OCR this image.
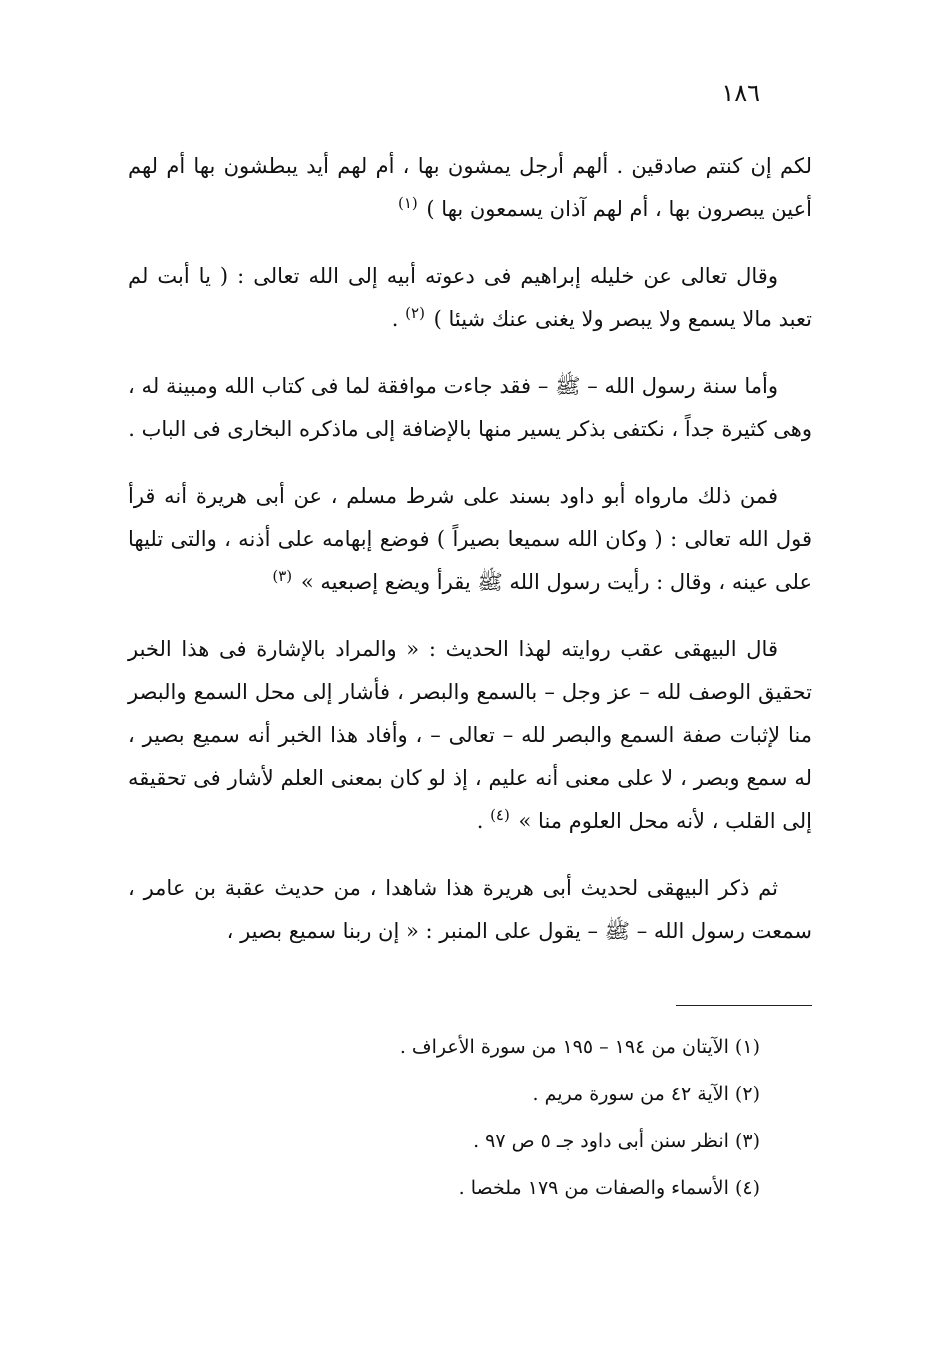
١٨٦

لكم إن كنتم صادقين . ألهم أرجل يمشون بها ، أم لهم أيد يبطشون بها أم لهم أعين يبصرون بها ، أم لهم آذان يسمعون بها ) $^{(١)}$

وقال تعالى عن خليله إبراهيم فى دعوته أبيه إلى الله تعالى : ( يا أبت لم تعبد مالا يسمع ولا يبصر ولا يغنى عنك شيئا ) $^{(٢)}$ .

وأما سنة رسول الله – ﷺ – فقد جاءت موافقة لما فى كتاب الله ومبينة له ، وهى كثيرة جداً ، نكتفى بذكر يسير منها بالإضافة إلى ماذكره البخارى فى الباب .

فمن ذلك مارواه أبو داود بسند على شرط مسلم ، عن أبى هريرة أنه قرأ قول الله تعالى : ( وكان الله سميعا بصيراً ) فوضع إبهامه على أذنه ، والتى تليها على عينه ، وقال : رأيت رسول الله ﷺ يقرأ ويضع إصبعيه » $^{(٣)}$

قال البيهقى عقب روايته لهذا الحديث : « والمراد بالإشارة فى هذا الخبر تحقيق الوصف لله – عز وجل – بالسمع والبصر ، فأشار إلى محل السمع والبصر منا لإثبات صفة السمع والبصر لله – تعالى – ، وأفاد هذا الخبر أنه سميع بصير ، له سمع وبصر ، لا على معنى أنه عليم ، إذ لو كان بمعنى العلم لأشار فى تحقيقه إلى القلب ، لأنه محل العلوم منا » $^{(٤)}$ .

ثم ذكر البيهقى لحديث أبى هريرة هذا شاهدا ، من حديث عقبة بن عامر ، سمعت رسول الله – ﷺ – يقول على المنبر : « إن ربنا سميع بصير ،

(١) الآيتان من ١٩٤ – ١٩٥ من سورة الأعراف .
(٢) الآية ٤٢ من سورة مريم .
(٣) انظر سنن أبى داود جـ ٥ ص ٩٧ .
(٤) الأسماء والصفات من ١٧٩ ملخصا .
